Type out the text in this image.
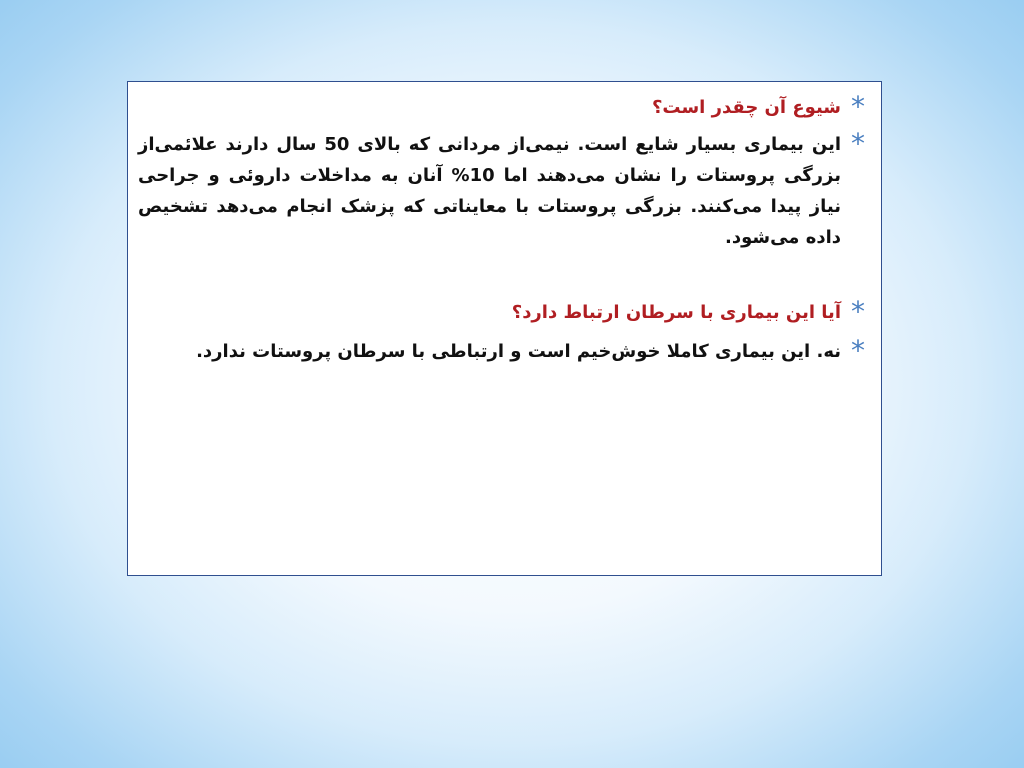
*
شیوع آن چقدر است؟
*
این بیماری بسیار شایع است. نیمی‌از مردانی که بالای 50 سال دارند علائمی‌از بزرگی پروستات را نشان می‌دهند اما 10% آنان به مداخلات داروئی و جراحی نیاز پیدا می‌کنند. بزرگی پروستات با معایناتی که پزشک انجام می‌دهد تشخیص داده می‌شود.
*
آیا این بیماری با سرطان ارتباط دارد؟
*
نه. این بیماری کاملا خوش‌خیم است و ارتباطی با سرطان پروستات ندارد.
